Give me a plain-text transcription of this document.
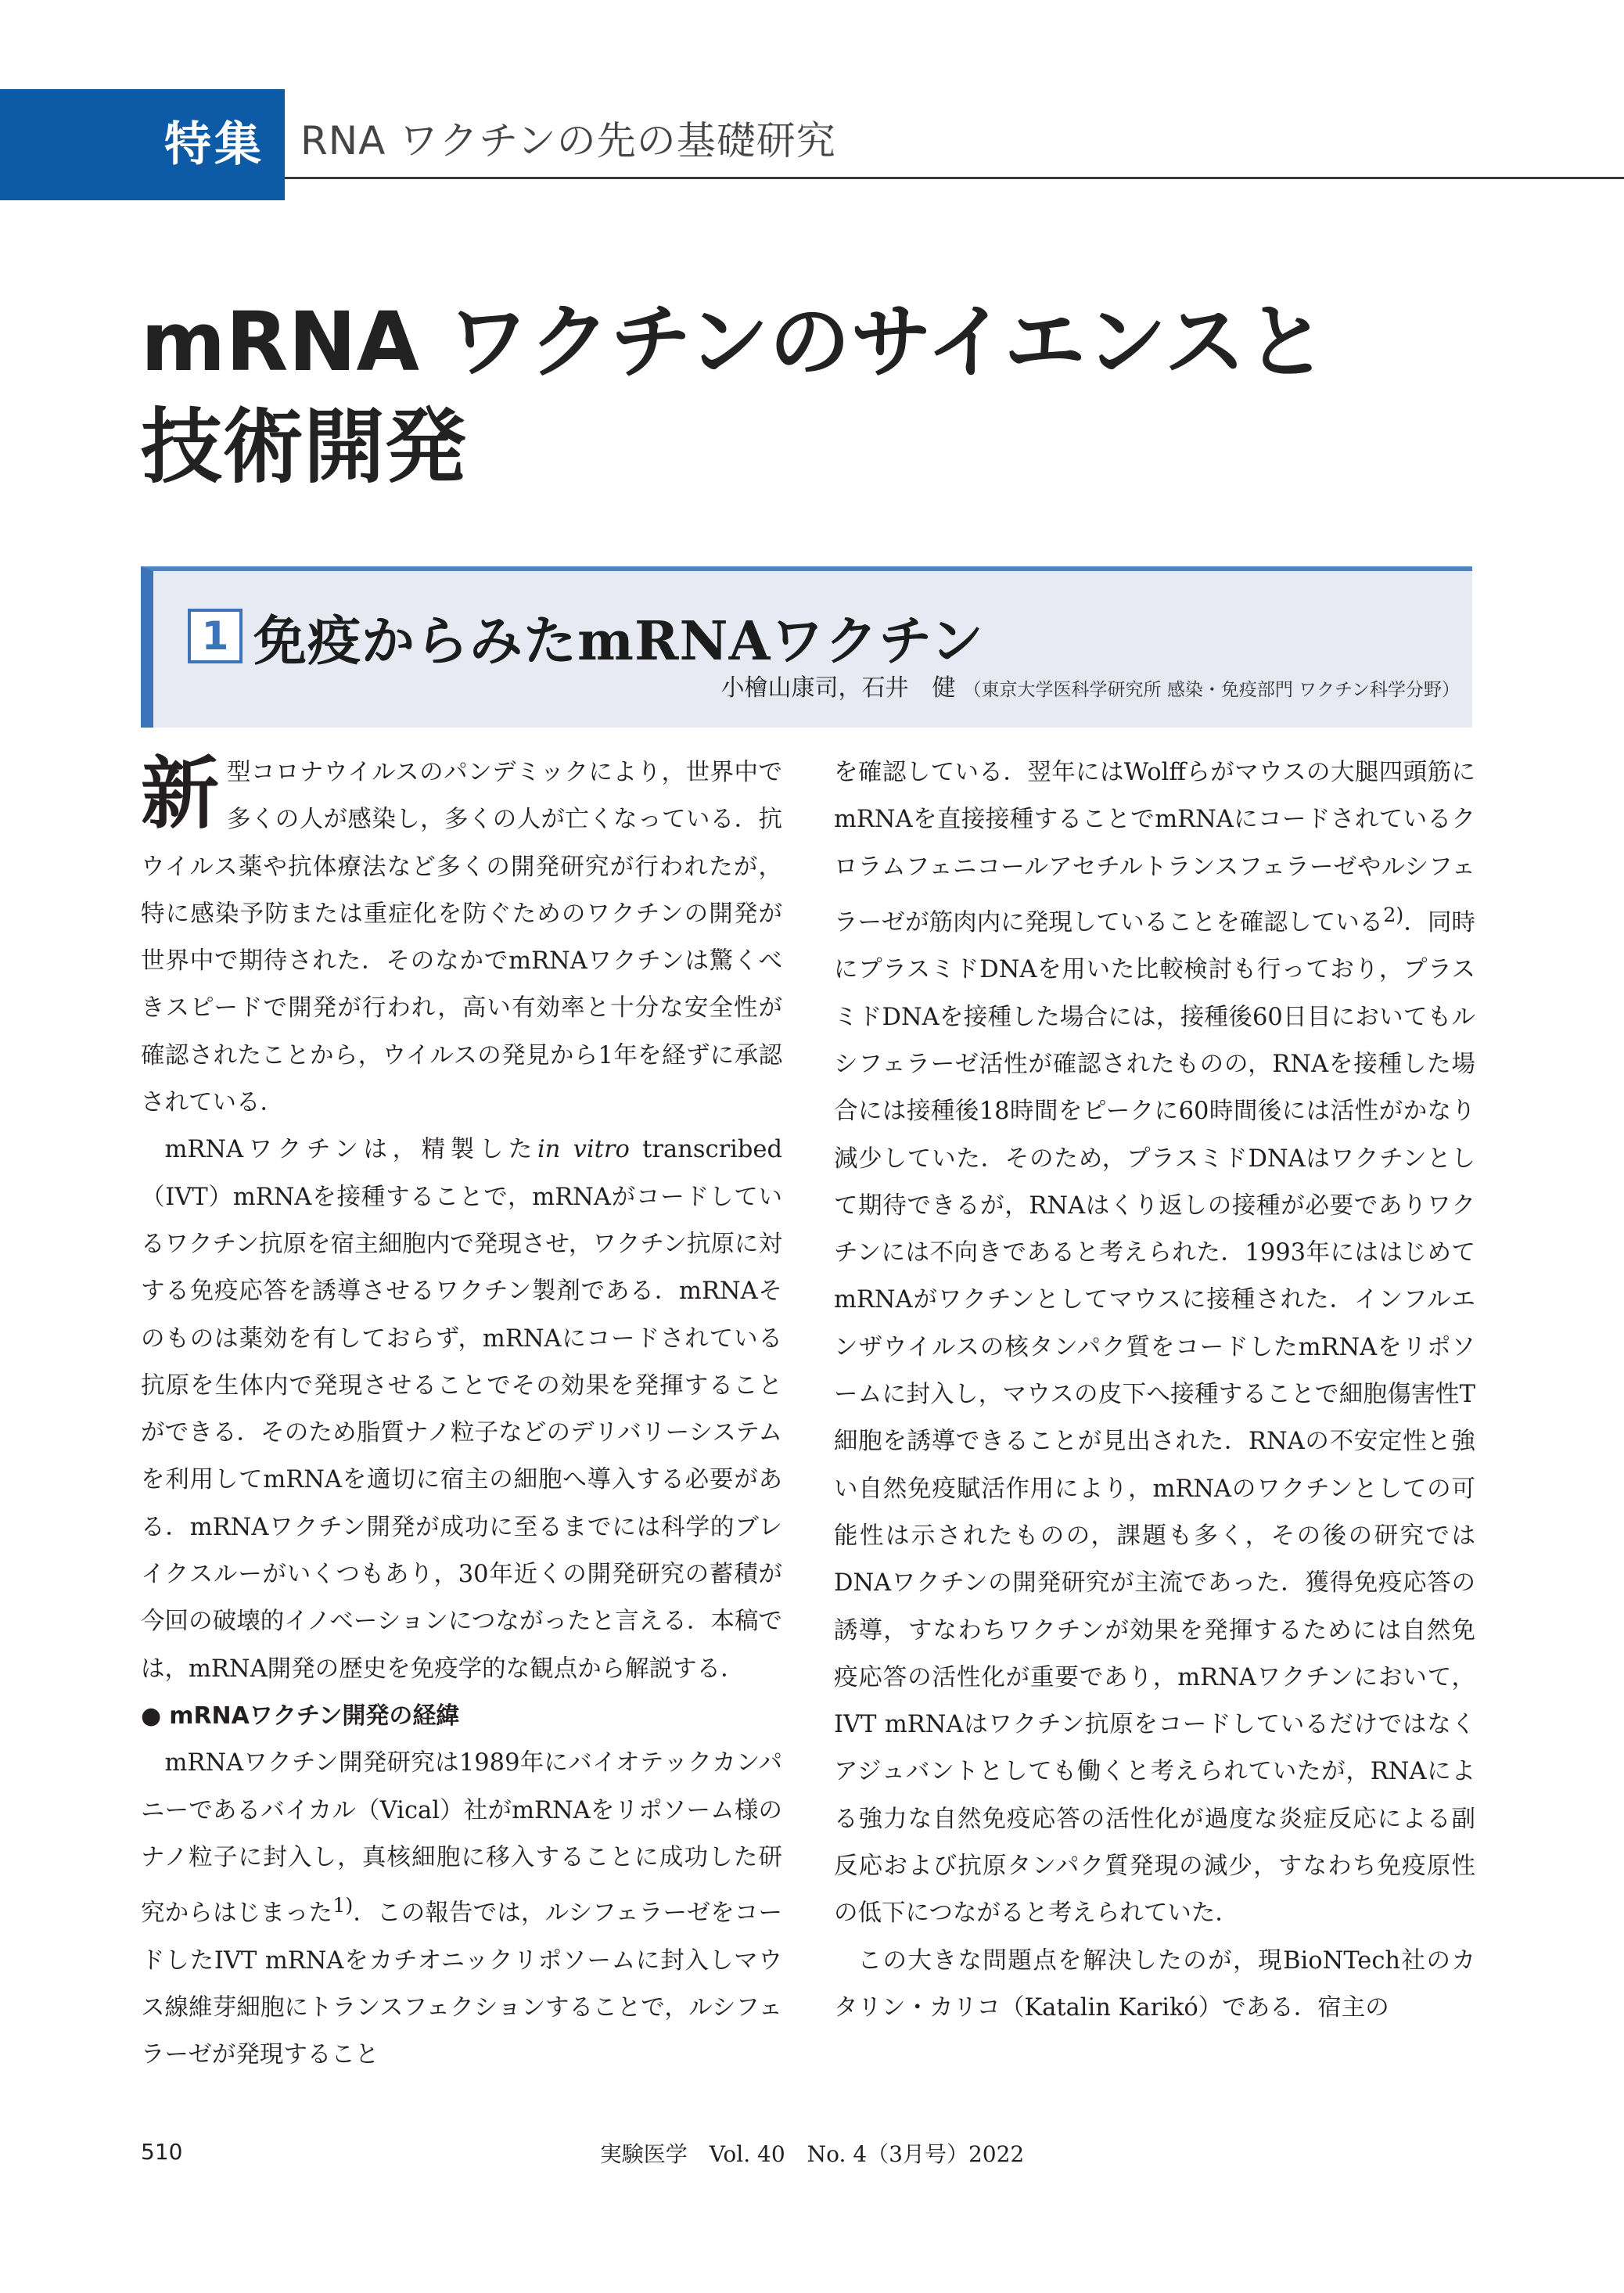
特集 RNA ワクチンの先の基礎研究
mRNA ワクチンのサイエンスと
技術開発
1 免疫からみたmRNAワクチン
小檜山康司，石井　健 （東京大学医科学研究所 感染・免疫部門 ワクチン科学分野）

新型コロナウイルスのパンデミックにより，世界中で多くの人が感染し，多くの人が亡くなっている．抗ウイルス薬や抗体療法など多くの開発研究が行われたが，特に感染予防または重症化を防ぐためのワクチンの開発が世界中で期待された．そのなかでmRNAワクチンは驚くべきスピードで開発が行われ，高い有効率と十分な安全性が確認されたことから，ウイルスの発見から1年を経ずに承認されている．

mRNAワクチンは，精製したin vitro transcribed（IVT）mRNAを接種することで，mRNAがコードしているワクチン抗原を宿主細胞内で発現させ，ワクチン抗原に対する免疫応答を誘導させるワクチン製剤である．mRNAそのものは薬効を有しておらず，mRNAにコードされている抗原を生体内で発現させることでその効果を発揮することができる．そのため脂質ナノ粒子などのデリバリーシステムを利用してmRNAを適切に宿主の細胞へ導入する必要がある．mRNAワクチン開発が成功に至るまでには科学的ブレイクスルーがいくつもあり，30年近くの開発研究の蓄積が今回の破壊的イノベーションにつながったと言える．本稿では，mRNA開発の歴史を免疫学的な観点から解説する．

● mRNAワクチン開発の経緯

mRNAワクチン開発研究は1989年にバイオテックカンパニーであるバイカル（Vical）社がmRNAをリポソーム様のナノ粒子に封入し，真核細胞に移入することに成功した研究からはじまった$^{1)}$．この報告では，ルシフェラーゼをコードしたIVT mRNAをカチオニックリポソームに封入しマウス線維芽細胞にトランスフェクションすることで，ルシフェラーゼが発現すること

を確認している．翌年にはWolffらがマウスの大腿四頭筋にmRNAを直接接種することでmRNAにコードされているクロラムフェニコールアセチルトランスフェラーゼやルシフェラーゼが筋肉内に発現していることを確認している$^{2)}$．同時にプラスミドDNAを用いた比較検討も行っており，プラスミドDNAを接種した場合には，接種後60日目においてもルシフェラーゼ活性が確認されたものの，RNAを接種した場合には接種後18時間をピークに60時間後には活性がかなり減少していた．そのため，プラスミドDNAはワクチンとして期待できるが，RNAはくり返しの接種が必要でありワクチンには不向きであると考えられた．1993年にははじめてmRNAがワクチンとしてマウスに接種された．インフルエンザウイルスの核タンパク質をコードしたmRNAをリポソームに封入し，マウスの皮下へ接種することで細胞傷害性T細胞を誘導できることが見出された．RNAの不安定性と強い自然免疫賦活作用により，mRNAのワクチンとしての可能性は示されたものの，課題も多く，その後の研究ではDNAワクチンの開発研究が主流であった．獲得免疫応答の誘導，すなわちワクチンが効果を発揮するためには自然免疫応答の活性化が重要であり，mRNAワクチンにおいて，IVT mRNAはワクチン抗原をコードしているだけではなくアジュバントとしても働くと考えられていたが，RNAによる強力な自然免疫応答の活性化が過度な炎症反応による副反応および抗原タンパク質発現の減少，すなわち免疫原性の低下につながると考えられていた．

この大きな問題点を解決したのが，現BioNTech社のカタリン・カリコ（Katalin Karikó）である．宿主の

510	実験医学　Vol. 40　No. 4（3月号）2022
